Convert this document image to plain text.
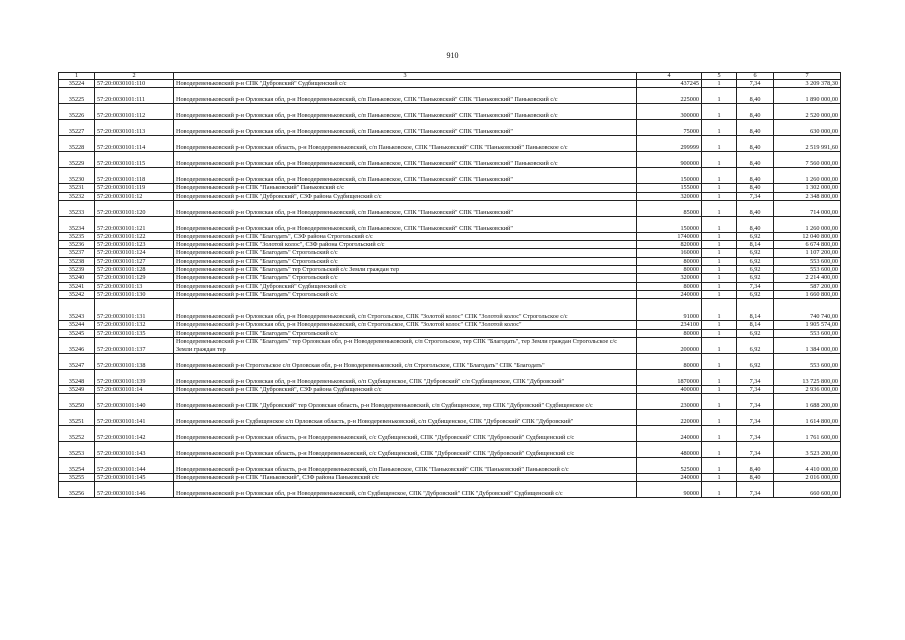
910
1	2	3	4	5	6	7
35224	57:20:0030101:110	Новодеревеньковский р-н СПК "Дубровский" Судбищенский с/с	437245	1	7,34	3 209 378,30
35225	57:20:0030101:111	Новодеревеньковский р-н Орловская обл, р-н Новодеревеньковский, с/п Паньковское, СПК "Паньковский" СПК "Паньковский" Паньковский с/с	225000	1	8,40	1 890 000,00
35226	57:20:0030101:112	Новодеревеньковский р-н Орловская обл, р-н Новодеревеньковский, с/п Паньковское, СПК "Паньковский" СПК "Паньковский" Паньковский с/с	300000	1	8,40	2 520 000,00
35227	57:20:0030101:113	Новодеревеньковский р-н Орловская обл, р-н Новодеревеньковский, с/п Паньковское, СПК "Паньковский" СПК "Паньковский"	75000	1	8,40	630 000,00
35228	57:20:0030101:114	Новодеревеньковский р-н Орловская область, р-н Новодеревеньковский, с/п Паньковское, СПК "Паньковский" СПК "Паньковский" Паньковское с/с	299999	1	8,40	2 519 991,60
35229	57:20:0030101:115	Новодеревеньковский р-н Орловская обл, р-н Новодеревеньковский, с/п Паньковское, СПК "Паньковский" СПК "Паньковский" Паньковский с/с	900000	1	8,40	7 560 000,00
35230	57:20:0030101:118	Новодеревеньковский р-н Орловская обл, р-н Новодеревеньковский, с/п Паньковское, СПК "Паньковский" СПК "Паньковский"	150000	1	8,40	1 260 000,00
35231	57:20:0030101:119	Новодеревеньковский р-н СПК "Паньковский" Паньковский с/с	155000	1	8,40	1 302 000,00
35232	57:20:0030101:12	Новодеревеньковский р-н СПК "Дубровский", СЗФ района Судбищенский с/с	320000	1	7,34	2 348 800,00
35233	57:20:0030101:120	Новодеревеньковский р-н Орловская обл, р-н Новодеревеньковский, с/п Паньковское, СПК "Паньковский" СПК "Паньковский"	85000	1	8,40	714 000,00
35234	57:20:0030101:121	Новодеревеньковский р-н Орловская обл, р-н Новодеревеньковский, с/п Паньковское, СПК "Паньковский" СПК "Паньковский"	150000	1	8,40	1 260 000,00
35235	57:20:0030101:122	Новодеревеньковский р-н СПК "Благодать", СЗФ района Строгольский с/с	1740000	1	6,92	12 040 800,00
35236	57:20:0030101:123	Новодеревеньковский р-н СПК "Золотой колос", СЗФ района Строгольский с/с	820000	1	8,14	6 674 800,00
35237	57:20:0030101:124	Новодеревеньковский р-н СПК "Благодать" Строгольский с/с	160000	1	6,92	1 107 200,00
35238	57:20:0030101:127	Новодеревеньковский р-н СПК "Благодать" Строгольский с/с	80000	1	6,92	553 600,00
35239	57:20:0030101:128	Новодеревеньковский р-н СПК "Благодать" тер Строгольский с/с Земли граждан тер	80000	1	6,92	553 600,00
35240	57:20:0030101:129	Новодеревеньковский р-н СПК "Благодать" Строгольский с/с	320000	1	6,92	2 214 400,00
35241	57:20:0030101:13	Новодеревеньковский р-н СПК "Дубровский" Судбищенский с/с	80000	1	7,34	587 200,00
35242	57:20:0030101:130	Новодеревеньковский р-н СПК "Благодать" Строгольский с/с	240000	1	6,92	1 660 800,00
35243	57:20:0030101:131	Новодеревеньковский р-н Орловская обл, р-н Новодеревеньковский, с/п Строгольское, СПК "Золотой колос" СПК "Золотой колос" Строгольское с/с	91000	1	8,14	740 740,00
35244	57:20:0030101:132	Новодеревеньковский р-н Орловская обл, р-н Новодеревеньковский, с/п Строгольское, СПК "Золотой колос" СПК "Золотой колос"	234100	1	8,14	1 905 574,00
35245	57:20:0030101:135	Новодеревеньковский р-н СПК "Благодать" Строгольский с/с	80000	1	6,92	553 600,00
35246	57:20:0030101:137	Новодеревеньковский р-н СПК "Благодать" тер Орловская обл, р-н Новодеревеньковский, с/п Строгольское, тер СПК "Благодать", тер Земли граждан Строгольское с/с Земли граждан тер	200000	1	6,92	1 384 000,00
35247	57:20:0030101:138	Новодеревеньковский р-н Строгольское с/п Орловская обл, р-н Новодеревеньковский, с/п Строгольское, СПК "Благодать" СПК "Благодать"	80000	1	6,92	553 600,00
35248	57:20:0030101:139	Новодеревеньковский р-н Орловская обл, р-н Новодеревеньковский, о/п Судбищенское, СПК "Дубровский" с/п Судбищенское, СПК "Дубровский"	1870000	1	7,34	13 725 800,00
35249	57:20:0030101:14	Новодеревеньковский р-н СПК "Дубровский", СЗФ района Судбищенский с/с	400000	1	7,34	2 936 000,00
35250	57:20:0030101:140	Новодеревеньковский р-н СПК "Дубровский" тер Орловская область, р-н Новодеревеньковский, с/п Судбищенское, тер СПК "Дубровский" Судбищенское с/с	230000	1	7,34	1 688 200,00
35251	57:20:0030101:141	Новодеревеньковский р-н Судбищенское с/п Орловская область, р-н Новодеревеньковский, с/п Судбищенское, СПК "Дубровский" СПК "Дубровский"	220000	1	7,34	1 614 800,00
35252	57:20:0030101:142	Новодеревеньковский р-н Орловская область, р-н Новодеревеньковский, с/с Судбищенский, СПК "Дубровский" СПК "Дубровский" Судбищенский с/с	240000	1	7,34	1 761 600,00
35253	57:20:0030101:143	Новодеревеньковский р-н Орловская область, р-н Новодеревеньковский, с/с Судбищенский, СПК "Дубровский" СПК "Дубровский" Судбищенский с/с	480000	1	7,34	3 523 200,00
35254	57:20:0030101:144	Новодеревеньковский р-н Орловская область, р-н Новодеревеньковский, с/п Паньковское, СПК "Паньковский" СПК "Паньковский" Паньковский с/с	525000	1	8,40	4 410 000,00
35255	57:20:0030101:145	Новодеревеньковский р-н СПК "Паньковский", СЗФ района Паньковский с/с	240000	1	8,40	2 016 000,00
35256	57:20:0030101:146	Новодеревеньковский р-н Орловская обл, р-н Новодеревеньковский, с/п Судбищенское, СПК "Дубровский" СПК "Дубровский" Судбищенский с/с	90000	1	7,34	660 600,00
